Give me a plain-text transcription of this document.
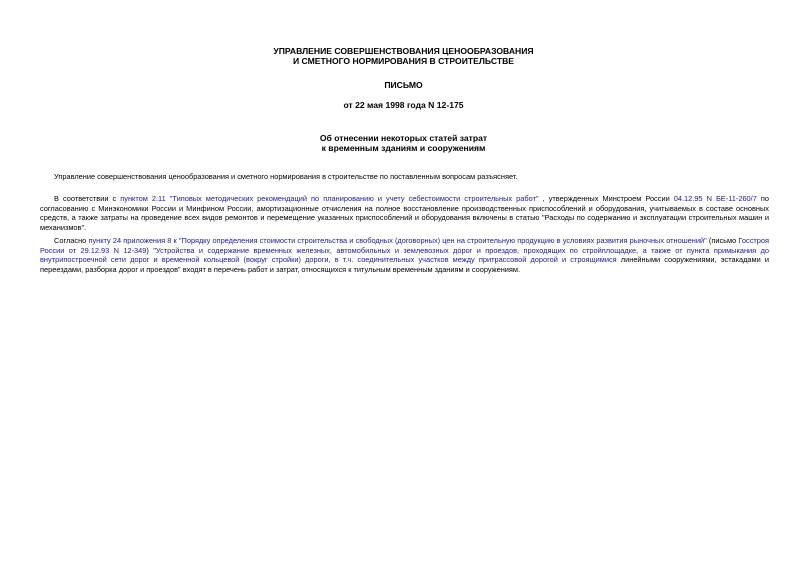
УПРАВЛЕНИЕ СОВЕРШЕНСТВОВАНИЯ ЦЕНООБРАЗОВАНИЯ
И СМЕТНОГО НОРМИРОВАНИЯ В СТРОИТЕЛЬСТВЕ
ПИСЬМО
от 22 мая 1998 года N 12-175
Об отнесении некоторых статей затрат
к временным зданиям и сооружениям

Управление совершенствования ценообразования и сметного нормирования в строительстве по поставленным вопросам разъясняет.

В соответствии с пунктом 2.11 "Типовых методических рекомендаций по планированию и учету себестоимости строительных работ" , утвержденных Минстроем России 04.12.95 N БЕ-11-260/7 по согласованию с Минэкономики России и Минфином России, амортизационные отчисления на полное восстановление производственных приспособлений и оборудования, учитываемых в составе основных средств, а также затраты на проведение всех видов ремонтов и перемещение указанных приспособлений и оборудования включены в статью "Расходы по содержанию и эксплуатации строительных машин и механизмов".

Согласно пункту 24 приложения 8 к "Порядку определения стоимости строительства и свободных (договорных) цен на строительную продукцию в условиях развития рыночных отношений" (письмо Госстроя России от 29.12.93 N 12-349) "Устройства и содержание временных железных, автомобильных и землевозных дорог и проездов, проходящих по стройплощадке, а также от пункта примыкания до внутрипостроечной сети дорог и временной кольцевой (вокруг стройки) дороги, в т.ч. соединительных участков между притрассовой дорогой и строящимися линейными сооружениями, эстакадами и переездами, разборка дорог и проездов" входят в перечень работ и затрат, относящихся к титульным временным зданиям и сооружениям.
